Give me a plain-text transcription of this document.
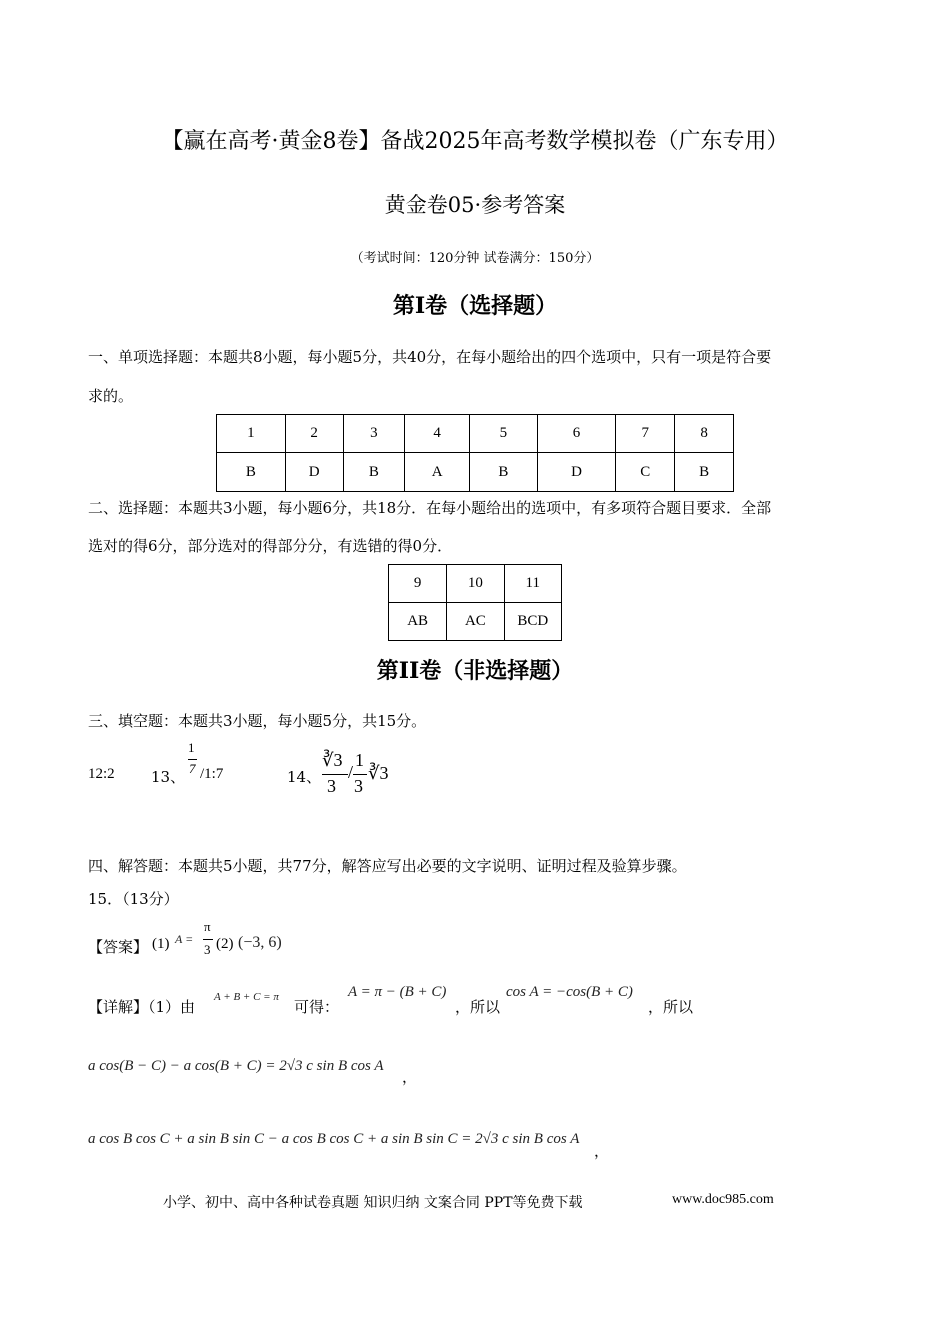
【赢在高考·黄金8卷】备战2025年高考数学模拟卷（广东专用）
黄金卷05·参考答案
（考试时间：120分钟 试卷满分：150分）
第I卷（选择题）
一、单项选择题：本题共8小题，每小题5分，共40分，在每小题给出的四个选项中，只有一项是符合要
求的。
1	2	3	4	5	6	7	8
B	D	B	A	B	D	C	B
二、选择题：本题共3小题，每小题6分，共18分．在每小题给出的选项中，有多项符合题目要求．全部
选对的得6分，部分选对的得部分分，有选错的得0分．
9	10	11
AB	AC	BCD
第II卷（非选择题）
三、填空题：本题共3小题，每小题5分，共15分。
12:2 13、
1
7 /1:7	14、
∛3
3
/
1
3
∛3
四、解答题：本题共5小题，共77分，解答应写出必要的文字说明、证明过程及验算步骤。
15．（13分）
【答案】 (1) A =
π
3 (2) (−3, 6)
【详解】（1）由
A + B + C = π
可得：
A = π − (B + C)
，所以
cos A = −cos(B + C)
，所以
a cos(B − C) − a cos(B + C) = 2√3 c sin B cos A
，
a cos B cos C + a sin B sin C − a cos B cos C + a sin B sin C = 2√3 c sin B cos A
，
小学、初中、高中各种试卷真题 知识归纳 文案合同 PPT等免费下载	www.doc985.com
